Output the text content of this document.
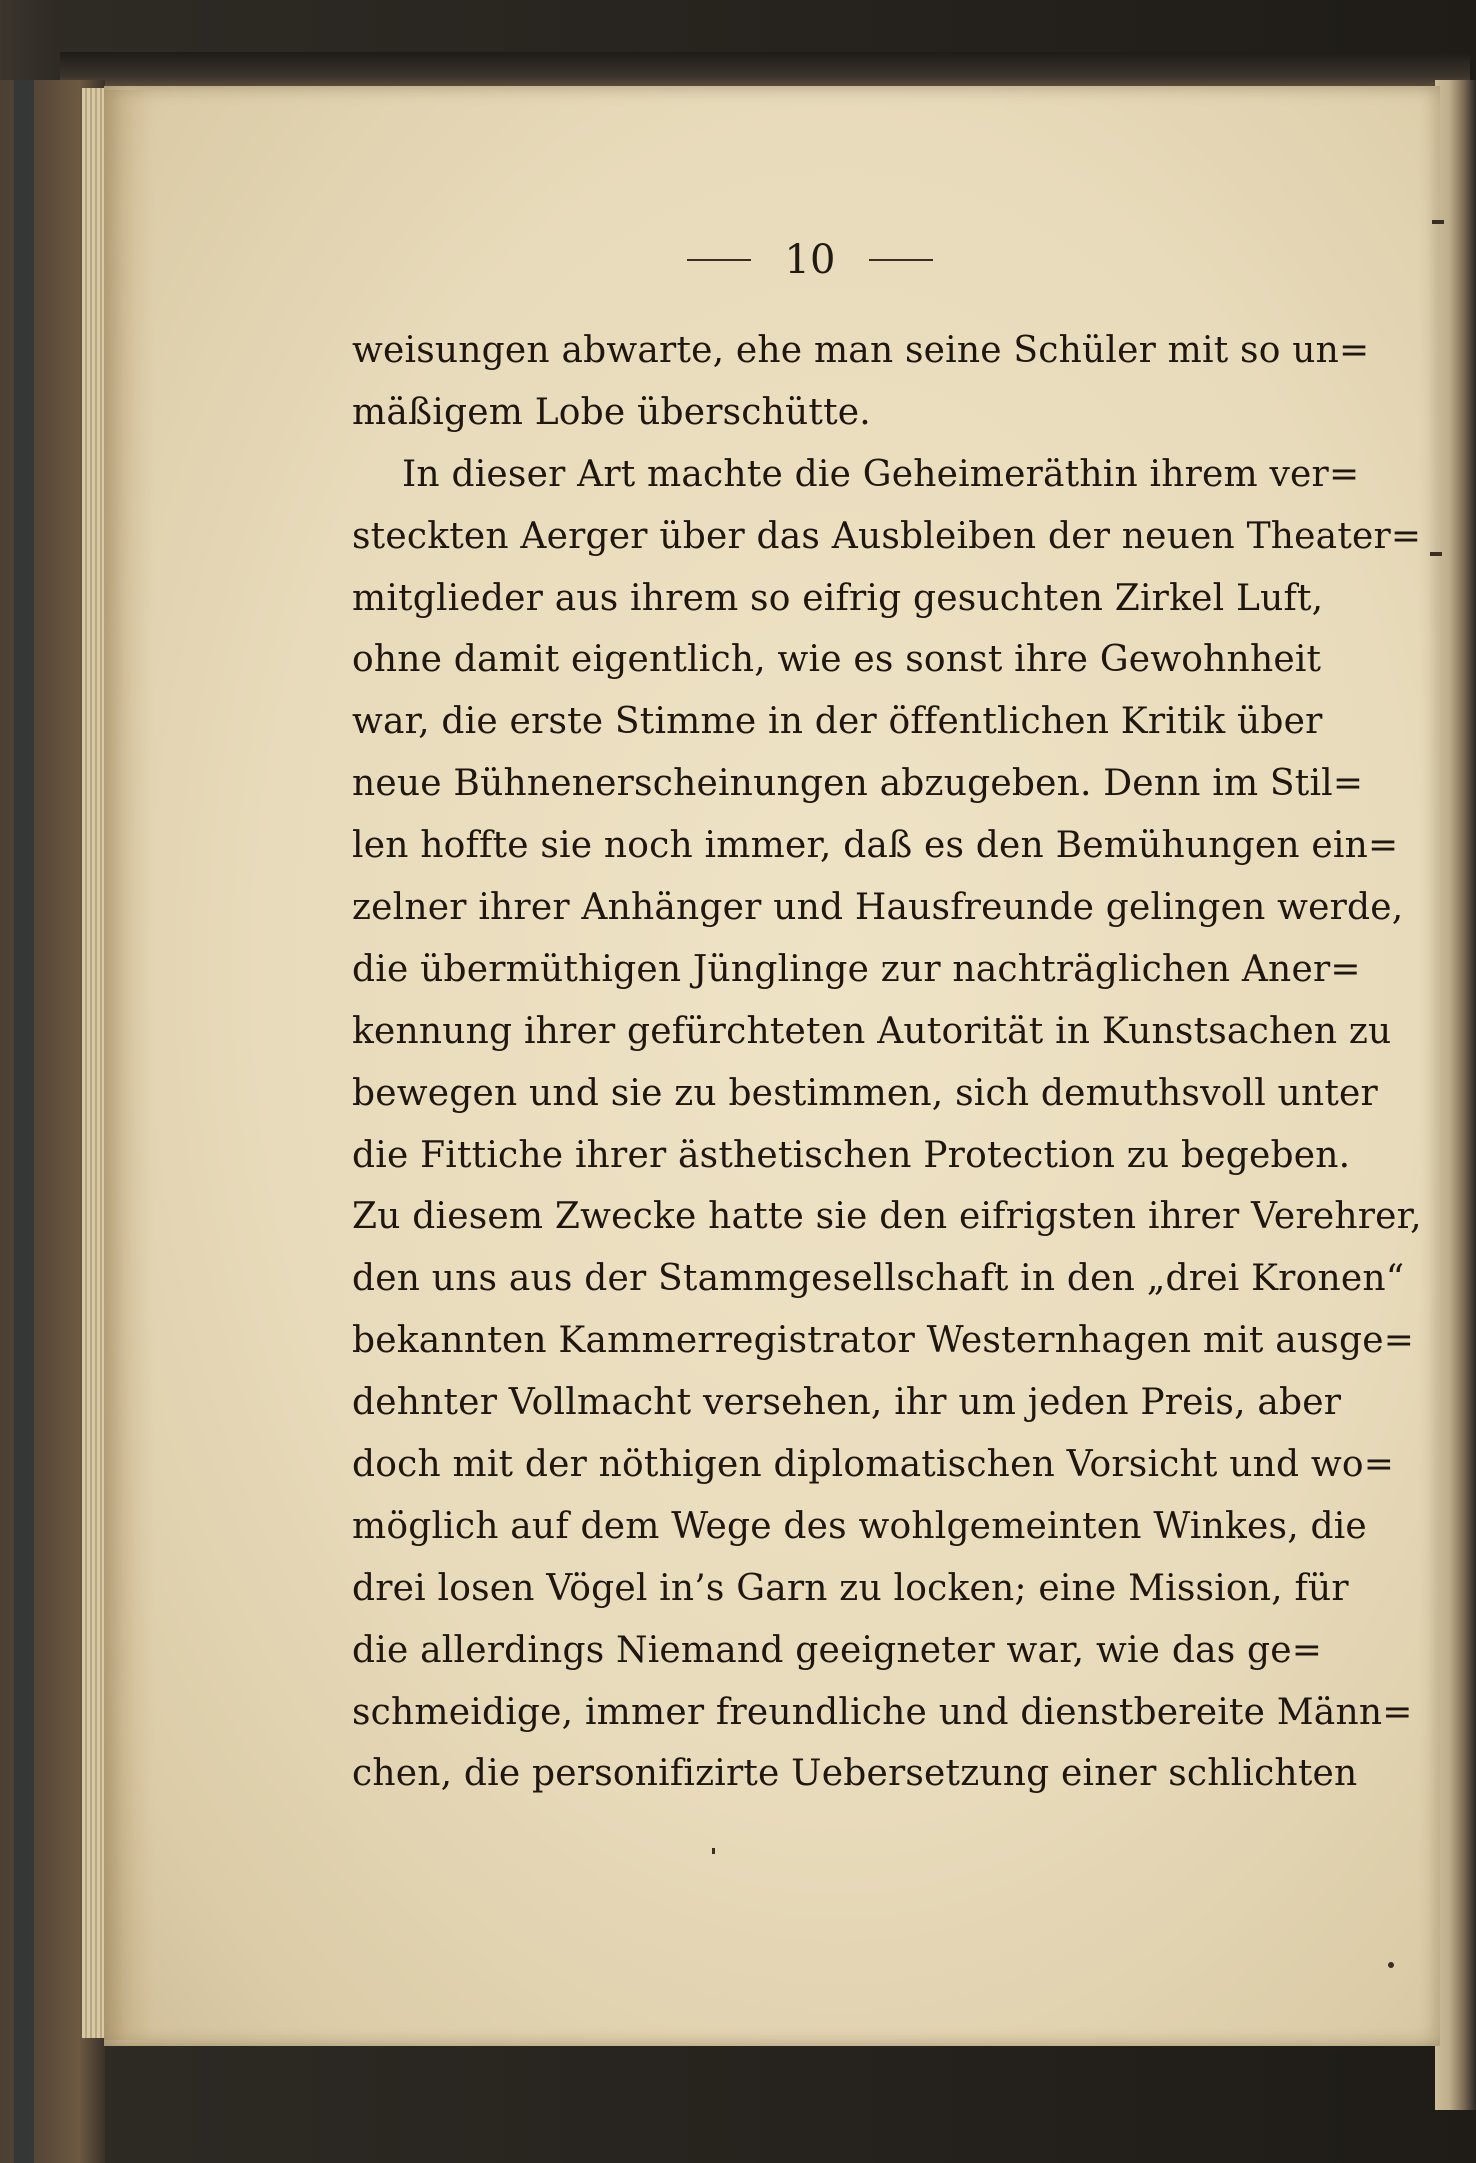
10
weisungen abwarte, ehe man seine Schüler mit so un=
mäßigem Lobe überschütte.
In dieser Art machte die Geheimeräthin ihrem ver=
steckten Aerger über das Ausbleiben der neuen Theater=
mitglieder aus ihrem so eifrig gesuchten Zirkel Luft,
ohne damit eigentlich, wie es sonst ihre Gewohnheit
war, die erste Stimme in der öffentlichen Kritik über
neue Bühnenerscheinungen abzugeben. Denn im Stil=
len hoffte sie noch immer, daß es den Bemühungen ein=
zelner ihrer Anhänger und Hausfreunde gelingen werde,
die übermüthigen Jünglinge zur nachträglichen Aner=
kennung ihrer gefürchteten Autorität in Kunstsachen zu
bewegen und sie zu bestimmen, sich demuthsvoll unter
die Fittiche ihrer ästhetischen Protection zu begeben.
Zu diesem Zwecke hatte sie den eifrigsten ihrer Verehrer,
den uns aus der Stammgesellschaft in den „drei Kronen“
bekannten Kammerregistrator Westernhagen mit ausge=
dehnter Vollmacht versehen, ihr um jeden Preis, aber
doch mit der nöthigen diplomatischen Vorsicht und wo=
möglich auf dem Wege des wohlgemeinten Winkes, die
drei losen Vögel in’s Garn zu locken; eine Mission, für
die allerdings Niemand geeigneter war, wie das ge=
schmeidige, immer freundliche und dienstbereite Männ=
chen, die personifizirte Uebersetzung einer schlichten
